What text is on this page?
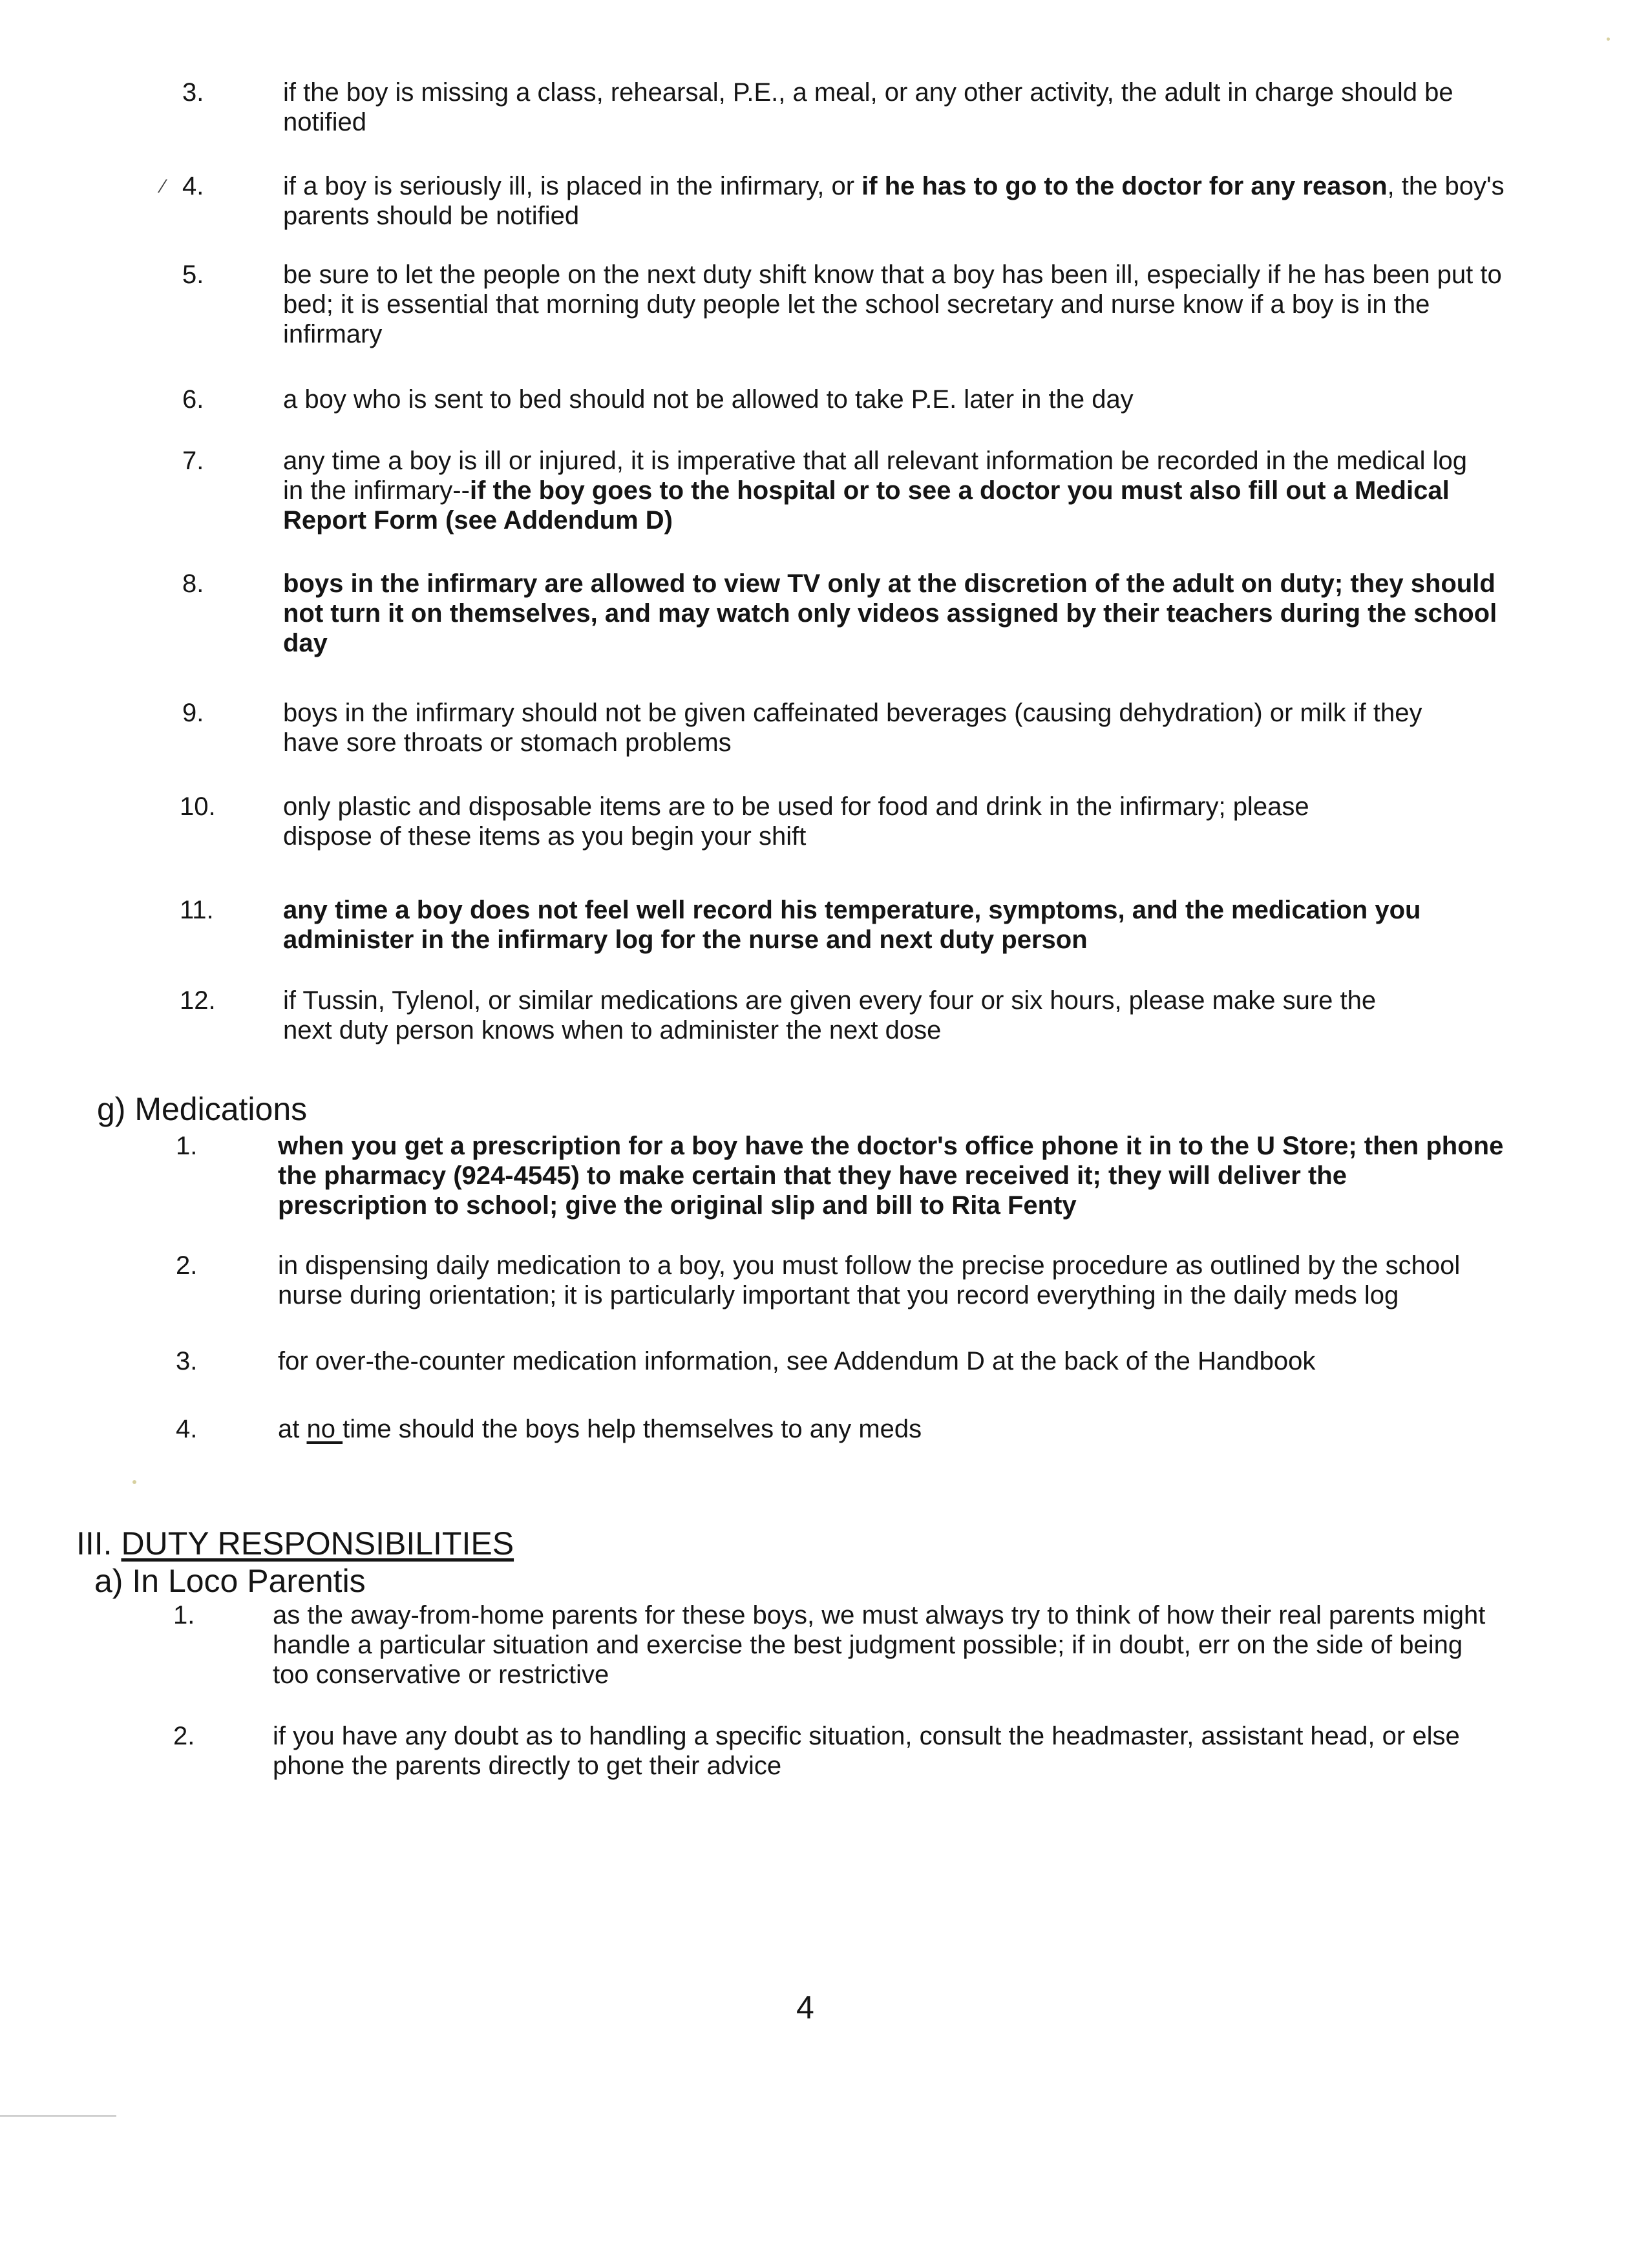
⁄
3.	if the boy is missing a class, rehearsal, P.E., a meal, or any other activity, the adult in charge should be
notified
4.	if a boy is seriously ill, is placed in the infirmary, or if he has to go to the doctor for any reason, the boy's
parents should be notified
5.	be sure to let the people on the next duty shift know that a boy has been ill, especially if he has been put to
bed; it is essential that morning duty people let the school secretary and nurse know if a boy is in the
infirmary
6.	a boy who is sent to bed should not be allowed to take P.E. later in the day
7.	any time a boy is ill or injured, it is imperative that all relevant information be recorded in the medical log
in the infirmary--if the boy goes to the hospital or to see a doctor you must also fill out a Medical
Report Form (see Addendum D)
8.	boys in the infirmary are allowed to view TV only at the discretion of the adult on duty; they should
not turn it on themselves, and may watch only videos assigned by their teachers during the school
day
9.	boys in the infirmary should not be given caffeinated beverages (causing dehydration) or milk if they
have sore throats or stomach problems
10.	only plastic and disposable items are to be used for food and drink in the infirmary; please
dispose of these items as you begin your shift
11.	any time a boy does not feel well record his temperature, symptoms, and the medication you
administer in the infirmary log for the nurse and next duty person
12.	if Tussin, Tylenol, or similar medications are given every four or six hours, please make sure the
next duty person knows when to administer the next dose
g) Medications
1.	when you get a prescription for a boy have the doctor's office phone it in to the U Store; then phone
the pharmacy (924-4545) to make certain that they have received it; they will deliver the
prescription to school; give the original slip and bill to Rita Fenty
2.	in dispensing daily medication to a boy, you must follow the precise procedure as outlined by the school
nurse during orientation; it is particularly important that you record everything in the daily meds log
3.	for over-the-counter medication information, see Addendum D at the back of the Handbook
4.	at no time should the boys help themselves to any meds
III. DUTY RESPONSIBILITIES
a) In Loco Parentis
1.	as the away-from-home parents for these boys, we must always try to think of how their real parents might
handle a particular situation and exercise the best judgment possible; if in doubt, err on the side of being
too conservative or restrictive
2.	if you have any doubt as to handling a specific situation, consult the headmaster, assistant head, or else
phone the parents directly to get their advice
4
